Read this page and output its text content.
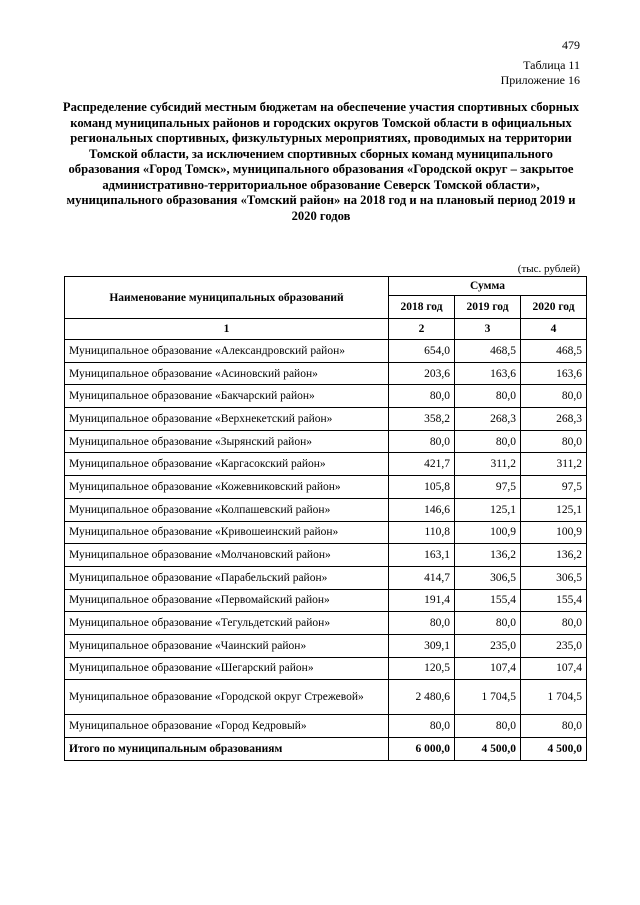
479
Таблица 11
Приложение 16
Распределение субсидий местным бюджетам на обеспечение участия спортивных сборных команд муниципальных районов и городских округов Томской области в официальных региональных спортивных, физкультурных мероприятиях, проводимых на территории Томской области, за исключением спортивных сборных команд муниципального образования «Город Томск», муниципального образования «Городской округ – закрытое административно-территориальное образование Северск Томской области», муниципального образования «Томский район» на 2018 год и на плановый период 2019 и 2020 годов
(тыс. рублей)
Наименование муниципальных образований	Сумма		
	2018 год	2019 год	2020 год
1	2	3	4
Муниципальное образование «Александровский район»	654,0	468,5	468,5
Муниципальное образование «Асиновский район»	203,6	163,6	163,6
Муниципальное образование «Бакчарский район»	80,0	80,0	80,0
Муниципальное образование «Верхнекетский район»	358,2	268,3	268,3
Муниципальное образование «Зырянский район»	80,0	80,0	80,0
Муниципальное образование «Каргасокский район»	421,7	311,2	311,2
Муниципальное образование «Кожевниковский район»	105,8	97,5	97,5
Муниципальное образование «Колпашевский район»	146,6	125,1	125,1
Муниципальное образование «Кривошеинский район»	110,8	100,9	100,9
Муниципальное образование «Молчановский район»	163,1	136,2	136,2
Муниципальное образование «Парабельский район»	414,7	306,5	306,5
Муниципальное образование «Первомайский район»	191,4	155,4	155,4
Муниципальное образование «Тегульдетский район»	80,0	80,0	80,0
Муниципальное образование «Чаинский район»	309,1	235,0	235,0
Муниципальное образование «Шегарский район»	120,5	107,4	107,4
Муниципальное образование «Городской округ Стрежевой»	2 480,6	1 704,5	1 704,5
Муниципальное образование «Город Кедровый»	80,0	80,0	80,0
Итого по муниципальным образованиям	6 000,0	4 500,0	4 500,0
